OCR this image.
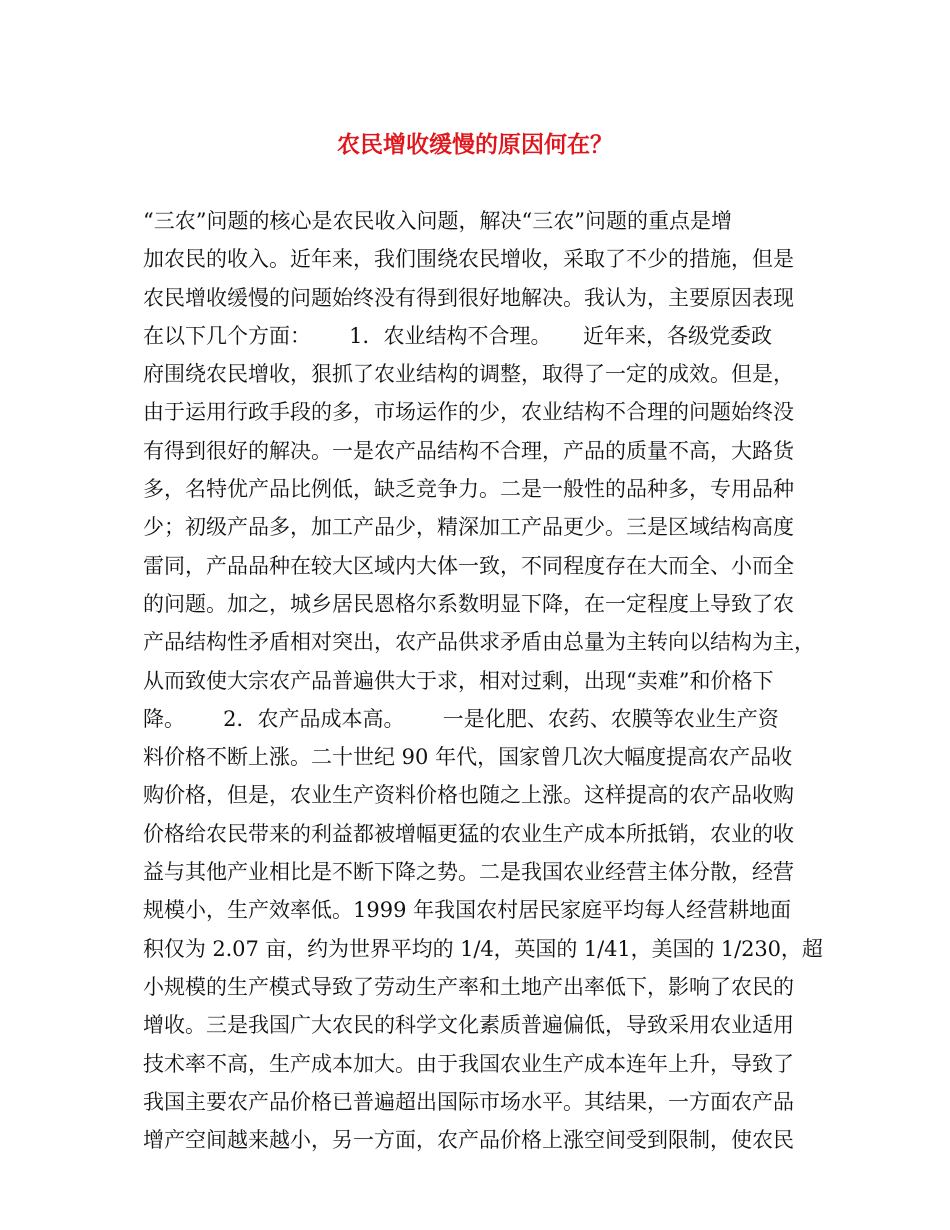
农民增收缓慢的原因何在？
“三农”问题的核心是农民收入问题，解决“三农”问题的重点是增
加农民的收入。近年来，我们围绕农民增收，采取了不少的措施，但是
农民增收缓慢的问题始终没有得到很好地解决。我认为，主要原因表现
在以下几个方面：　　 1．农业结构不合理。　　近年来，各级党委政
府围绕农民增收，狠抓了农业结构的调整，取得了一定的成效。但是，
由于运用行政手段的多，市场运作的少，农业结构不合理的问题始终没
有得到很好的解决。一是农产品结构不合理，产品的质量不高，大路货
多，名特优产品比例低，缺乏竞争力。二是一般性的品种多，专用品种
少；初级产品多，加工产品少，精深加工产品更少。三是区域结构高度
雷同，产品品种在较大区域内大体一致，不同程度存在大而全、小而全
的问题。加之，城乡居民恩格尔系数明显下降，在一定程度上导致了农
产品结构性矛盾相对突出，农产品供求矛盾由总量为主转向以结构为主，
从而致使大宗农产品普遍供大于求，相对过剩，出现“卖难”和价格下
降。　　 2．农产品成本高。　　 一是化肥、农药、农膜等农业生产资
料价格不断上涨。二十世纪 90 年代，国家曾几次大幅度提高农产品收
购价格，但是，农业生产资料价格也随之上涨。这样提高的农产品收购
价格给农民带来的利益都被增幅更猛的农业生产成本所抵销，农业的收
益与其他产业相比是不断下降之势。二是我国农业经营主体分散，经营
规模小，生产效率低。1999 年我国农村居民家庭平均每人经营耕地面
积仅为 2.07 亩，约为世界平均的 1/4，英国的 1/41，美国的 1/230，超
小规模的生产模式导致了劳动生产率和土地产出率低下，影响了农民的
增收。三是我国广大农民的科学文化素质普遍偏低，导致采用农业适用
技术率不高，生产成本加大。由于我国农业生产成本连年上升，导致了
我国主要农产品价格已普遍超出国际市场水平。其结果，一方面农产品
增产空间越来越小，另一方面，农产品价格上涨空间受到限制，使农民
